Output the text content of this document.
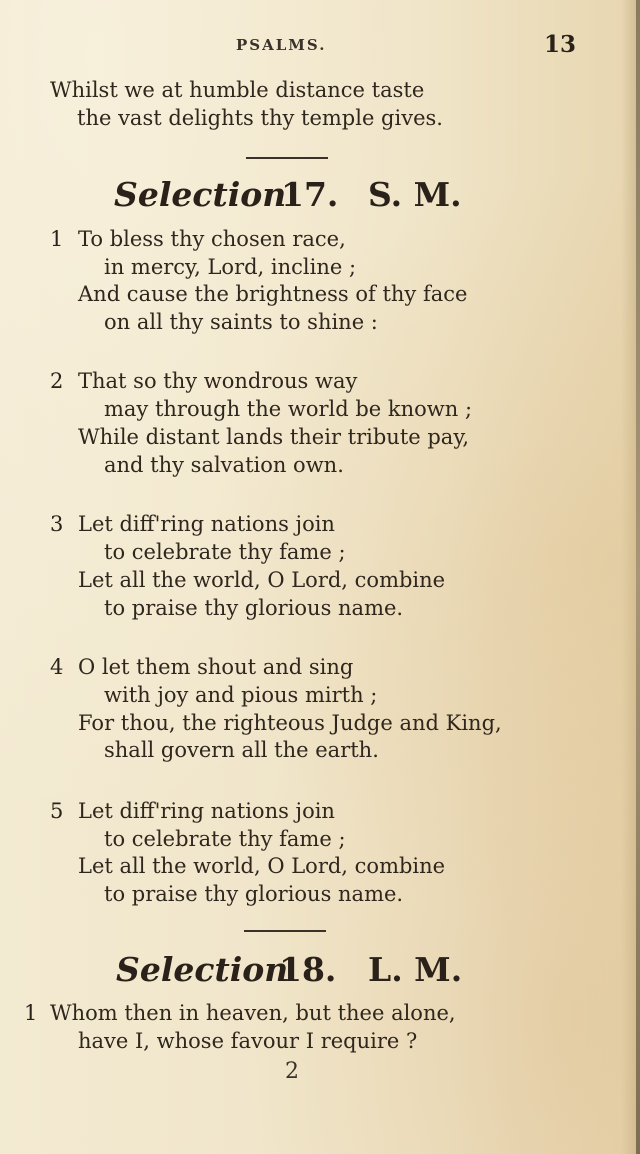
PSALMS.	13
Whilst we at humble distance taste
the vast delights thy temple gives.
Selection
17. S. M.
1 To bless thy chosen race,
in mercy, Lord, incline ;
And cause the brightness of thy face
on all thy saints to shine :
2 That so thy wondrous way
may through the world be known ;
While distant lands their tribute pay,
and thy salvation own.
3 Let diff'ring nations join
to celebrate thy fame ;
Let all the world, O Lord, combine
to praise thy glorious name.
4 O let them shout and sing
with joy and pious mirth ;
For thou, the righteous Judge and King,
shall govern all the earth.
5 Let diff'ring nations join
to celebrate thy fame ;
Let all the world, O Lord, combine
to praise thy glorious name.
Selection
18. L. M.
1 Whom then in heaven, but thee alone,
have I, whose favour I require ?
2
